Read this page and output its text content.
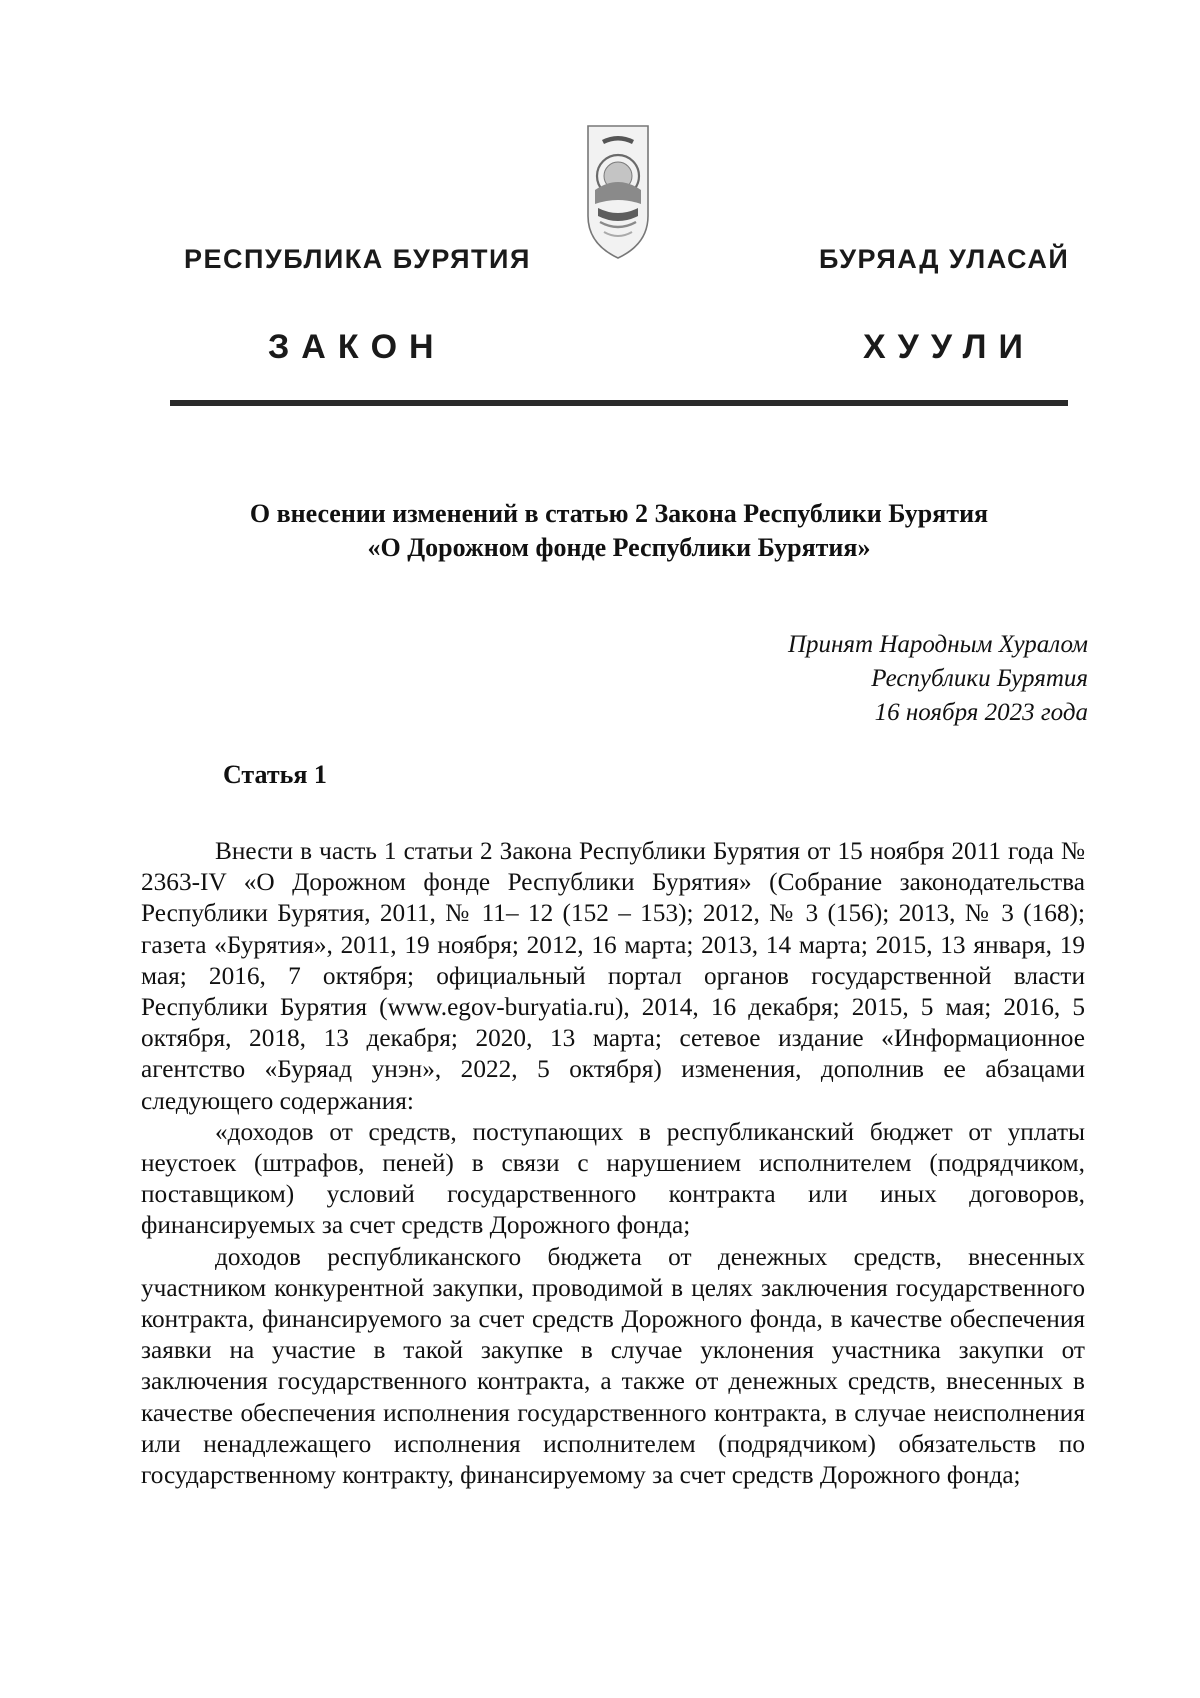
РЕСПУБЛИКА БУРЯТИЯ	БУРЯАД УЛАСАЙ
ЗАКОН	ХУУЛИ
О внесении изменений в статью 2 Закона Республики Бурятия
«О Дорожном фонде Республики Бурятия»
Принят Народным Хуралом
Республики Бурятия
16 ноября 2023 года
Статья 1

Внести в часть 1 статьи 2 Закона Республики Бурятия от 15 ноября 2011 года № 2363-IV «О Дорожном фонде Республики Бурятия» (Собрание законодательства Республики Бурятия, 2011, № 11– 12 (152 – 153); 2012, № 3 (156); 2013, № 3 (168); газета «Бурятия», 2011, 19 ноября; 2012, 16 марта; 2013, 14 марта; 2015, 13 января, 19 мая; 2016, 7 октября; официальный портал органов государственной власти Республики Бурятия (www.egov-buryatia.ru), 2014, 16 декабря; 2015, 5 мая; 2016, 5 октября, 2018, 13 декабря; 2020, 13 марта; сетевое издание «Информационное агентство «Буряад унэн», 2022, 5 октября) изменения, дополнив ее абзацами следующего содержания:

«доходов от средств, поступающих в республиканский бюджет от уплаты неустоек (штрафов, пеней) в связи с нарушением исполнителем (подрядчиком, поставщиком) условий государственного контракта или иных договоров, финансируемых за счет средств Дорожного фонда;

доходов республиканского бюджета от денежных средств, внесенных участником конкурентной закупки, проводимой в целях заключения государственного контракта, финансируемого за счет средств Дорожного фонда, в качестве обеспечения заявки на участие в такой закупке в случае уклонения участника закупки от заключения государственного контракта, а также от денежных средств, внесенных в качестве обеспечения исполнения государственного контракта, в случае неисполнения или ненадлежащего исполнения исполнителем (подрядчиком) обязательств по государственному контракту, финансируемому за счет средств Дорожного фонда;
